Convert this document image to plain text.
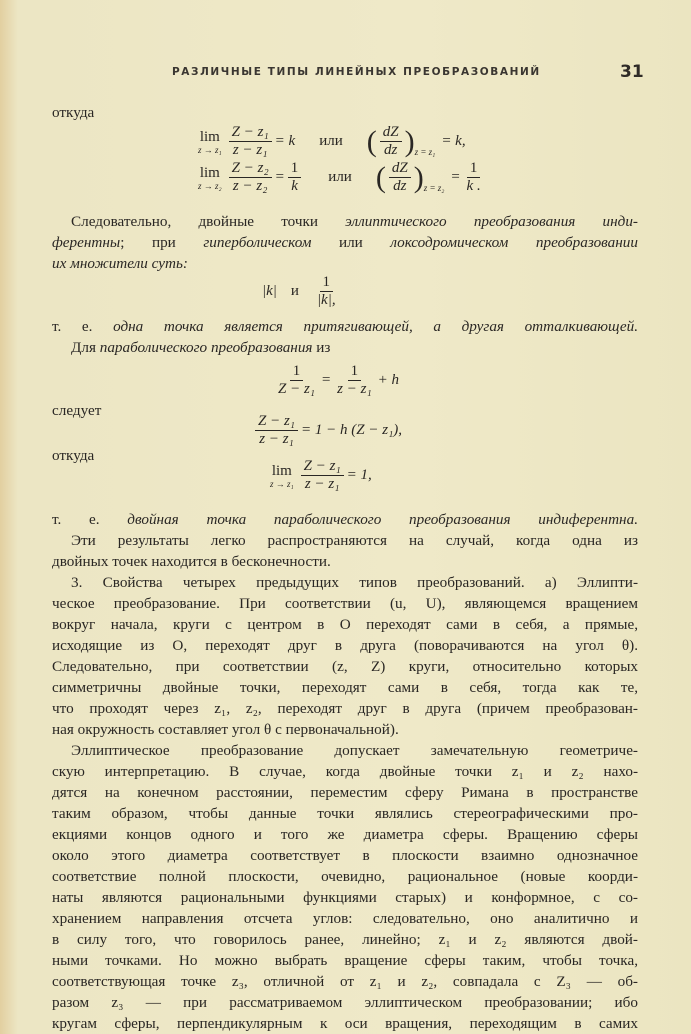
РАЗЛИЧНЫЕ ТИПЫ ЛИНЕЙНЫХ ПРЕОБРАЗОВАНИЙ	31
откуда
lim
$z \to z_1 \frac{\text{Z − z₁}}{\text{z − z₁}} = k$ или ( $\frac{dZ}{dz}$ ) z = z₁
= k,
lim
$z \to z_2 \frac{\text{Z − z₂}}{\text{z − z₂}} = \frac{1}{k}$ или ( $\frac{dZ}{dz}$ ) z = z₂
= $\frac{1}{k .}$
Следовательно, двойные точки эллиптического преобразования инди-
ферентны; при гиперболическом или локсодромическом преобразовании
их множители суть:
|k| и $\frac{1}{|k|,}$
т. е. одна точка является притягивающей, а другая отталкивающей.
Для параболического преобразования из
$\frac{1}{\text{Z − z₁}} = \frac{1}{\text{z − z₁}} + h$
следует
$\frac{\text{Z − z₁}}{\text{z − z₁}} = 1 - h$ (Z − z₁),
откуда
lim
$z \to z_1 \frac{\text{Z − z₁}}{\text{z − z₁}} = 1$,
т. е. двойная точка параболического преобразования индиферентна.
Эти результаты легко распространяются на случай, когда одна из
двойных точек находится в бесконечности.
3. Свойства четырех предыдущих типов преобразований. а) Эллипти-
ческое преобразование. При соответствии (u, U), являющемся вращением
вокруг начала, круги с центром в O переходят сами в себя, а прямые,
исходящие из O, переходят друг в друга (поворачиваются на угол θ).
Следовательно, при соответствии (z, Z) круги, относительно которых
симметричны двойные точки, переходят сами в себя, тогда как те,
что проходят через z₁, z₂, переходят друг в друга (причем преобразован-
ная окружность составляет угол θ с первоначальной).
Эллиптическое преобразование допускает замечательную геометриче-
скую интерпретацию. В случае, когда двойные точки z₁ и z₂ нахо-
дятся на конечном расстоянии, переместим сферу Римана в пространстве
таким образом, чтобы данные точки являлись стереографическими про-
екциями концов одного и того же диаметра сферы. Вращению сферы
около этого диаметра соответствует в плоскости взаимно однозначное
соответствие полной плоскости, очевидно, рациональное (новые коорди-
наты являются рациональными функциями старых) и конформное, с со-
хранением направления отсчета углов: следовательно, оно аналитично и
в силу того, что говорилось ранее, линейно; z₁ и z₂ являются двой-
ными точками. Но можно выбрать вращение сферы таким, чтобы точка,
соответствующая точке z₃, отличной от z₁ и z₂, совпадала с Z₃ — об-
разом z₃ — при рассматриваемом эллиптическом преобразовании; ибо
кругам сферы, перпендикулярным к оси вращения, переходящим в самих
